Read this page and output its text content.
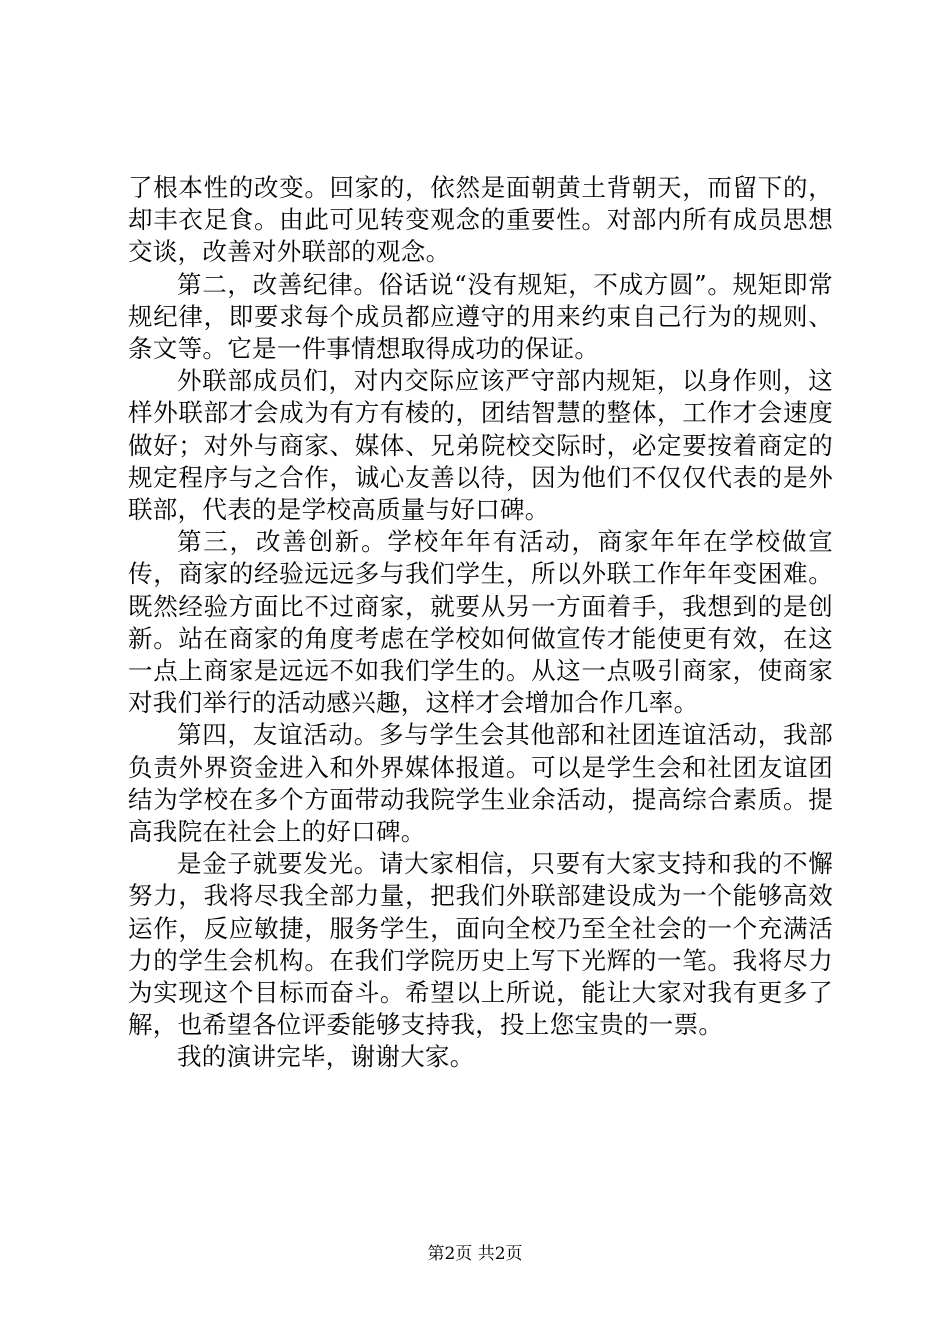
了根本性的改变。回家的，依然是面朝黄土背朝天，而留下的，却丰衣足食。由此可见转变观念的重要性。对部内所有成员思想交谈，改善对外联部的观念。

第二，改善纪律。俗话说“没有规矩，不成方圆”。规矩即常规纪律，即要求每个成员都应遵守的用来约束自己行为的规则、条文等。它是一件事情想取得成功的保证。

外联部成员们，对内交际应该严守部内规矩，以身作则，这样外联部才会成为有方有棱的，团结智慧的整体，工作才会速度做好；对外与商家、媒体、兄弟院校交际时，必定要按着商定的规定程序与之合作，诚心友善以待，因为他们不仅仅代表的是外联部，代表的是学校高质量与好口碑。

第三，改善创新。学校年年有活动，商家年年在学校做宣传，商家的经验远远多与我们学生，所以外联工作年年变困难。既然经验方面比不过商家，就要从另一方面着手，我想到的是创新。站在商家的角度考虑在学校如何做宣传才能使更有效，在这一点上商家是远远不如我们学生的。从这一点吸引商家，使商家对我们举行的活动感兴趣，这样才会增加合作几率。

第四，友谊活动。多与学生会其他部和社团连谊活动，我部负责外界资金进入和外界媒体报道。可以是学生会和社团友谊团结为学校在多个方面带动我院学生业余活动，提高综合素质。提高我院在社会上的好口碑。

是金子就要发光。请大家相信，只要有大家支持和我的不懈努力，我将尽我全部力量，把我们外联部建设成为一个能够高效运作，反应敏捷，服务学生，面向全校乃至全社会的一个充满活力的学生会机构。在我们学院历史上写下光辉的一笔。我将尽力为实现这个目标而奋斗。希望以上所说，能让大家对我有更多了解，也希望各位评委能够支持我，投上您宝贵的一票。

我的演讲完毕，谢谢大家。

第2页 共2页
